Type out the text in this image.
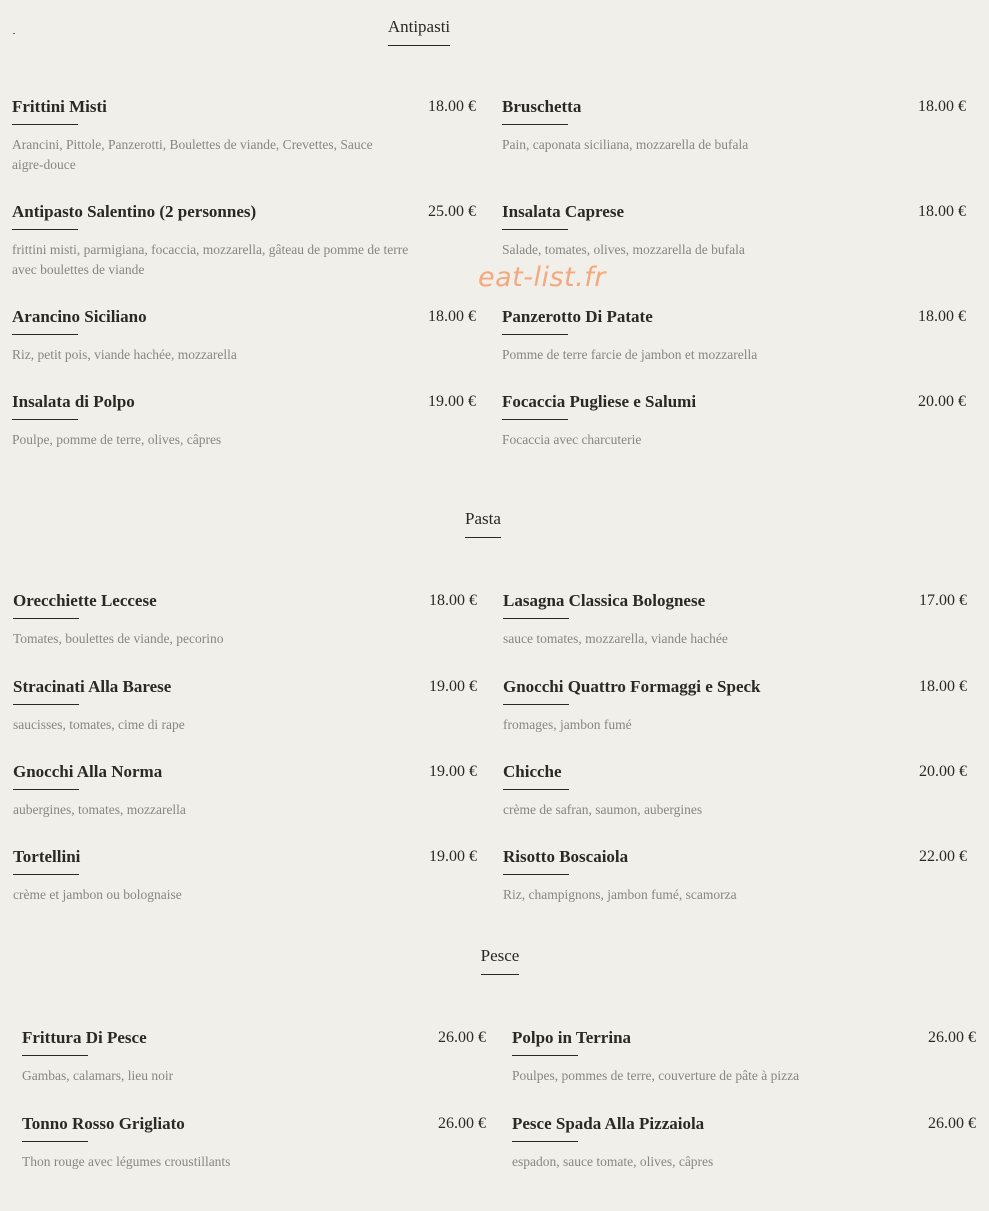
Antipasti
Frittini Misti	18.00 €
Arancini, Pittole, Panzerotti, Boulettes de viande, Crevettes, Sauce aigre-douce
Bruschetta	18.00 €
Pain, caponata siciliana, mozzarella de bufala
Antipasto Salentino (2 personnes)	25.00 €
frittini misti, parmigiana, focaccia, mozzarella, gâteau de pomme de terre avec boulettes de viande
Insalata Caprese	18.00 €
Salade, tomates, olives, mozzarella de bufala
Arancino Siciliano	18.00 €
Riz, petit pois, viande hachée, mozzarella
Panzerotto Di Patate	18.00 €
Pomme de terre farcie de jambon et mozzarella
Insalata di Polpo	19.00 €
Poulpe, pomme de terre, olives, câpres
Focaccia Pugliese e Salumi	20.00 €
Focaccia avec charcuterie
eat-list.fr
Pasta
Orecchiette Leccese	18.00 €
Tomates, boulettes de viande, pecorino
Lasagna Classica Bolognese	17.00 €
sauce tomates, mozzarella, viande hachée
Stracinati Alla Barese	19.00 €
saucisses, tomates, cime di rape
Gnocchi Quattro Formaggi e Speck	18.00 €
fromages, jambon fumé
Gnocchi Alla Norma	19.00 €
aubergines, tomates, mozzarella
Chicche	20.00 €
crème de safran, saumon, aubergines
Tortellini	19.00 €
crème et jambon ou bolognaise
Risotto Boscaiola	22.00 €
Riz, champignons, jambon fumé, scamorza
Pesce
Frittura Di Pesce	26.00 €
Gambas, calamars, lieu noir
Polpo in Terrina	26.00 €
Poulpes, pommes de terre, couverture de pâte à pizza
Tonno Rosso Grigliato	26.00 €
Thon rouge avec légumes croustillants
Pesce Spada Alla Pizzaiola	26.00 €
espadon, sauce tomate, olives, câpres
